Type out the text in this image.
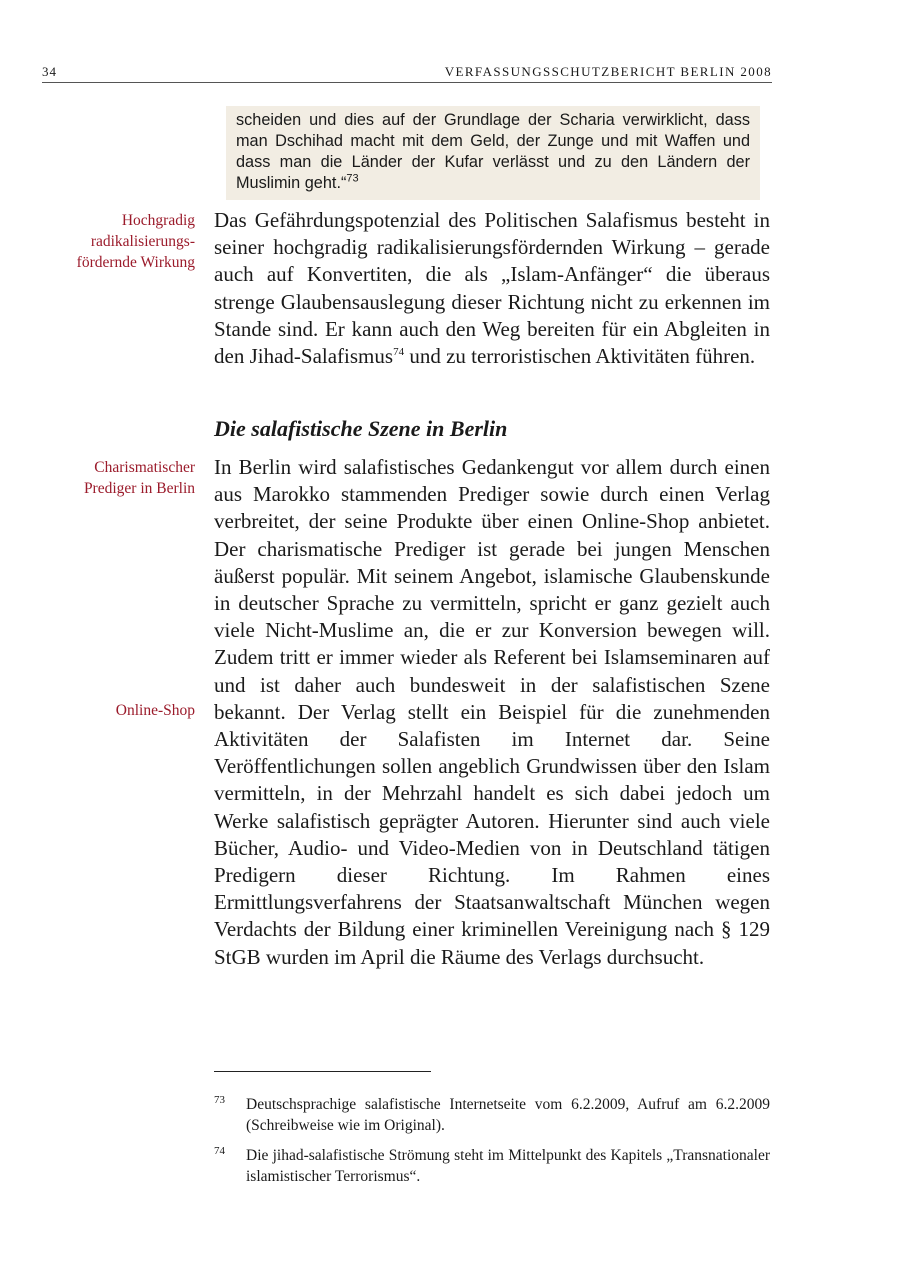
34	VERFASSUNGSSCHUTZBERICHT BERLIN 2008

scheiden und dies auf der Grundlage der Scharia verwirklicht, dass man Dschihad macht mit dem Geld, der Zunge und mit Waffen und dass man die Länder der Kufar verlässt und zu den Ländern der Muslimin geht.“$^{73}$

Hochgradig
radikalisierungs-
fördernde Wirkung
Charismatischer
Prediger in Berlin
Online-Shop

Das Gefährdungspotenzial des Politischen Salafismus besteht in seiner hochgradig radikalisierungsfördernden Wirkung – gerade auch auf Konvertiten, die als „Islam-Anfänger“ die überaus strenge Glaubensauslegung dieser Richtung nicht zu erkennen im Stande sind. Er kann auch den Weg bereiten für ein Abgleiten in den Jihad-Salafismus$^{74}$ und zu terroristischen Aktivitäten führen.

Die salafistische Szene in Berlin

In Berlin wird salafistisches Gedankengut vor allem durch einen aus Marokko stammenden Prediger sowie durch einen Verlag verbreitet, der seine Produkte über einen Online-Shop anbietet. Der charismatische Prediger ist gerade bei jungen Menschen äußerst populär. Mit seinem Angebot, islamische Glaubenskunde in deutscher Sprache zu vermitteln, spricht er ganz gezielt auch viele Nicht-Muslime an, die er zur Konversion bewegen will. Zudem tritt er immer wieder als Referent bei Islamseminaren auf und ist daher auch bundesweit in der salafistischen Szene bekannt. Der Verlag stellt ein Beispiel für die zunehmenden Aktivitäten der Salafisten im Internet dar. Seine Veröffentlichungen sollen angeblich Grundwissen über den Islam vermitteln, in der Mehrzahl handelt es sich dabei jedoch um Werke salafistisch geprägter Autoren. Hierunter sind auch viele Bücher, Audio- und Video-Medien von in Deutschland tätigen Predigern dieser Richtung. Im Rahmen eines Ermittlungsverfahrens der Staatsanwaltschaft München wegen Verdachts der Bildung einer kriminellen Vereinigung nach § 129 StGB wurden im April die Räume des Verlags durchsucht.

73 Deutschsprachige salafistische Internetseite vom 6.2.2009, Aufruf am 6.2.2009 (Schreibweise wie im Original).
74 Die jihad-salafistische Strömung steht im Mittelpunkt des Kapitels „Transnationaler islamistischer Terrorismus“.
